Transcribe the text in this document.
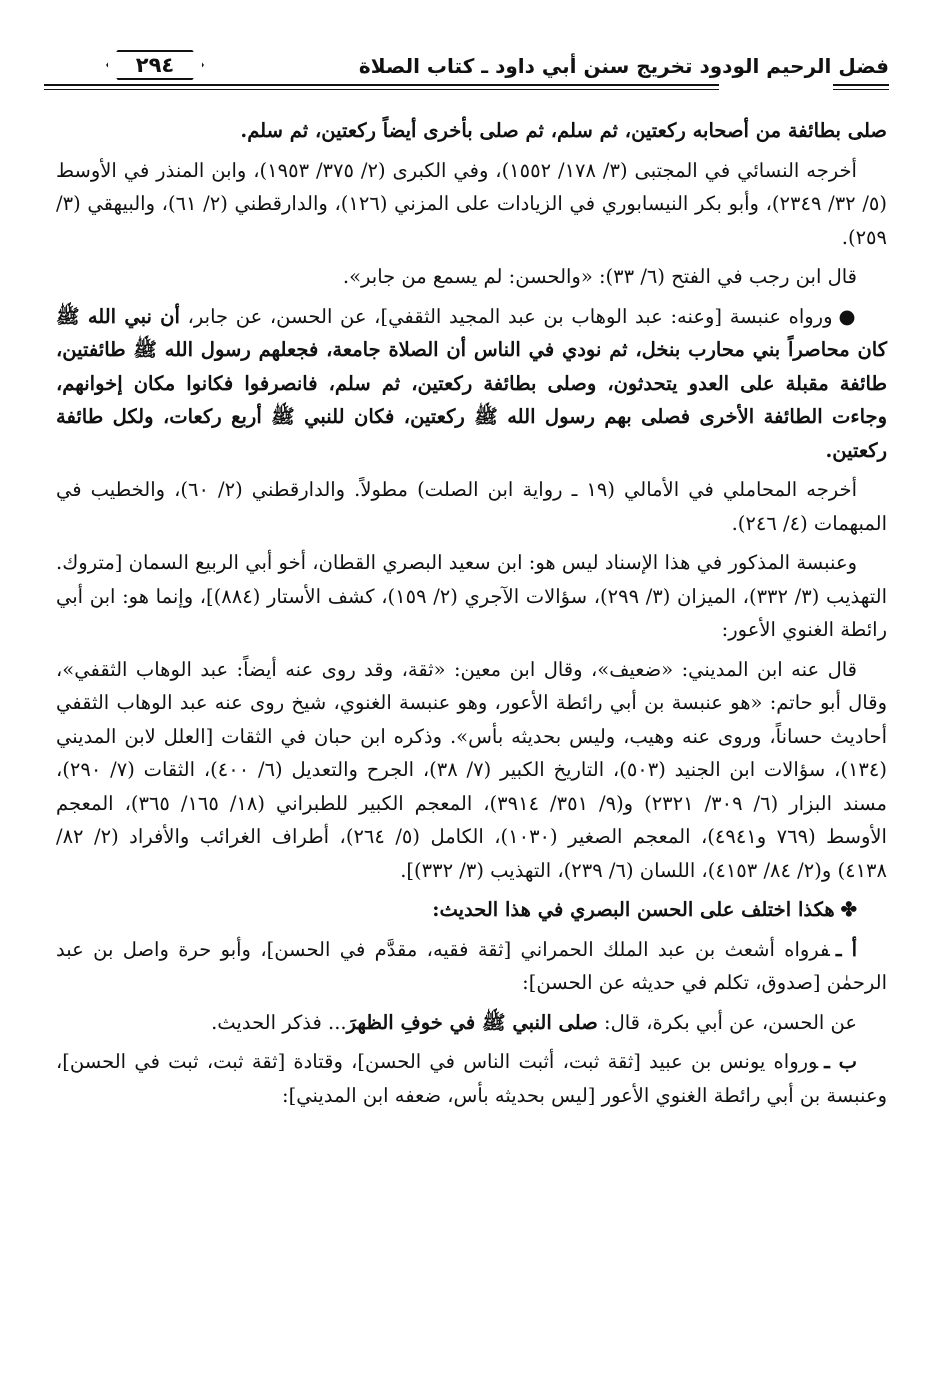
فضل الرحيم الودود تخريج سنن أبي داود ـ كتاب الصلاة
٢٩٤

صلى بطائفة من أصحابه ركعتين، ثم سلم، ثم صلى بأخرى أيضاً ركعتين، ثم سلم.

أخرجه النسائي في المجتبى (٣/ ١٧٨/ ١٥٥٢)، وفي الكبرى (٢/ ٣٧٥/ ١٩٥٣)، وابن المنذر في الأوسط (٥/ ٣٢/ ٢٣٤٩)، وأبو بكر النيسابوري في الزيادات على المزني (١٢٦)، والدارقطني (٢/ ٦١)، والبيهقي (٣/ ٢٥٩).

قال ابن رجب في الفتح (٦/ ٣٣): «والحسن: لم يسمع من جابر».

●ورواه عنبسة [وعنه: عبد الوهاب بن عبد المجيد الثقفي]، عن الحسن، عن جابر، أن نبي الله ﷺ كان محاصراً بني محارب بنخل، ثم نودي في الناس أن الصلاة جامعة، فجعلهم رسول الله ﷺ طائفتين، طائفة مقبلة على العدو يتحدثون، وصلى بطائفة ركعتين، ثم سلم، فانصرفوا فكانوا مكان إخوانهم، وجاءت الطائفة الأخرى فصلى بهم رسول الله ﷺ ركعتين، فكان للنبي ﷺ أربع ركعات، ولكل طائفة ركعتين.

أخرجه المحاملي في الأمالي (١٩ ـ رواية ابن الصلت) مطولاً. والدارقطني (٢/ ٦٠)، والخطيب في المبهمات (٤/ ٢٤٦).

وعنبسة المذكور في هذا الإسناد ليس هو: ابن سعيد البصري القطان، أخو أبي الربيع السمان [متروك. التهذيب (٣/ ٣٣٢)، الميزان (٣/ ٢٩٩)، سؤالات الآجري (٢/ ١٥٩)، كشف الأستار (٨٨٤)]، وإنما هو: ابن أبي رائطة الغنوي الأعور:

قال عنه ابن المديني: «ضعيف»، وقال ابن معين: «ثقة، وقد روى عنه أيضاً: عبد الوهاب الثقفي»، وقال أبو حاتم: «هو عنبسة بن أبي رائطة الأعور، وهو عنبسة الغنوي، شيخ روى عنه عبد الوهاب الثقفي أحاديث حساناً، وروى عنه وهيب، وليس بحديثه بأس». وذكره ابن حبان في الثقات [العلل لابن المديني (١٣٤)، سؤالات ابن الجنيد (٥٠٣)، التاريخ الكبير (٧/ ٣٨)، الجرح والتعديل (٦/ ٤٠٠)، الثقات (٧/ ٢٩٠)، مسند البزار (٦/ ٣٠٩/ ٢٣٢١) و(٩/ ٣٥١/ ٣٩١٤)، المعجم الكبير للطبراني (١٨/ ١٦٥/ ٣٦٥)، المعجم الأوسط (٧٦٩ و٤٩٤١)، المعجم الصغير (١٠٣٠)، الكامل (٥/ ٢٦٤)، أطراف الغرائب والأفراد (٢/ ٨٢/ ٤١٣٨) و(٢/ ٨٤/ ٤١٥٣)، اللسان (٦/ ٢٣٩)، التهذيب (٣/ ٣٣٢)].

✤هكذا اختلف على الحسن البصري في هذا الحديث:

أ ـفرواه أشعث بن عبد الملك الحمراني [ثقة فقيه، مقدَّم في الحسن]، وأبو حرة واصل بن عبد الرحمٰن [صدوق، تكلم في حديثه عن الحسن]:

عن الحسن، عن أبي بكرة، قال: صلى النبي ﷺ في خوفِ الظهرَ... فذكر الحديث.

ب ـورواه يونس بن عبيد [ثقة ثبت، أثبت الناس في الحسن]، وقتادة [ثقة ثبت، ثبت في الحسن]، وعنبسة بن أبي رائطة الغنوي الأعور [ليس بحديثه بأس، ضعفه ابن المديني]:
